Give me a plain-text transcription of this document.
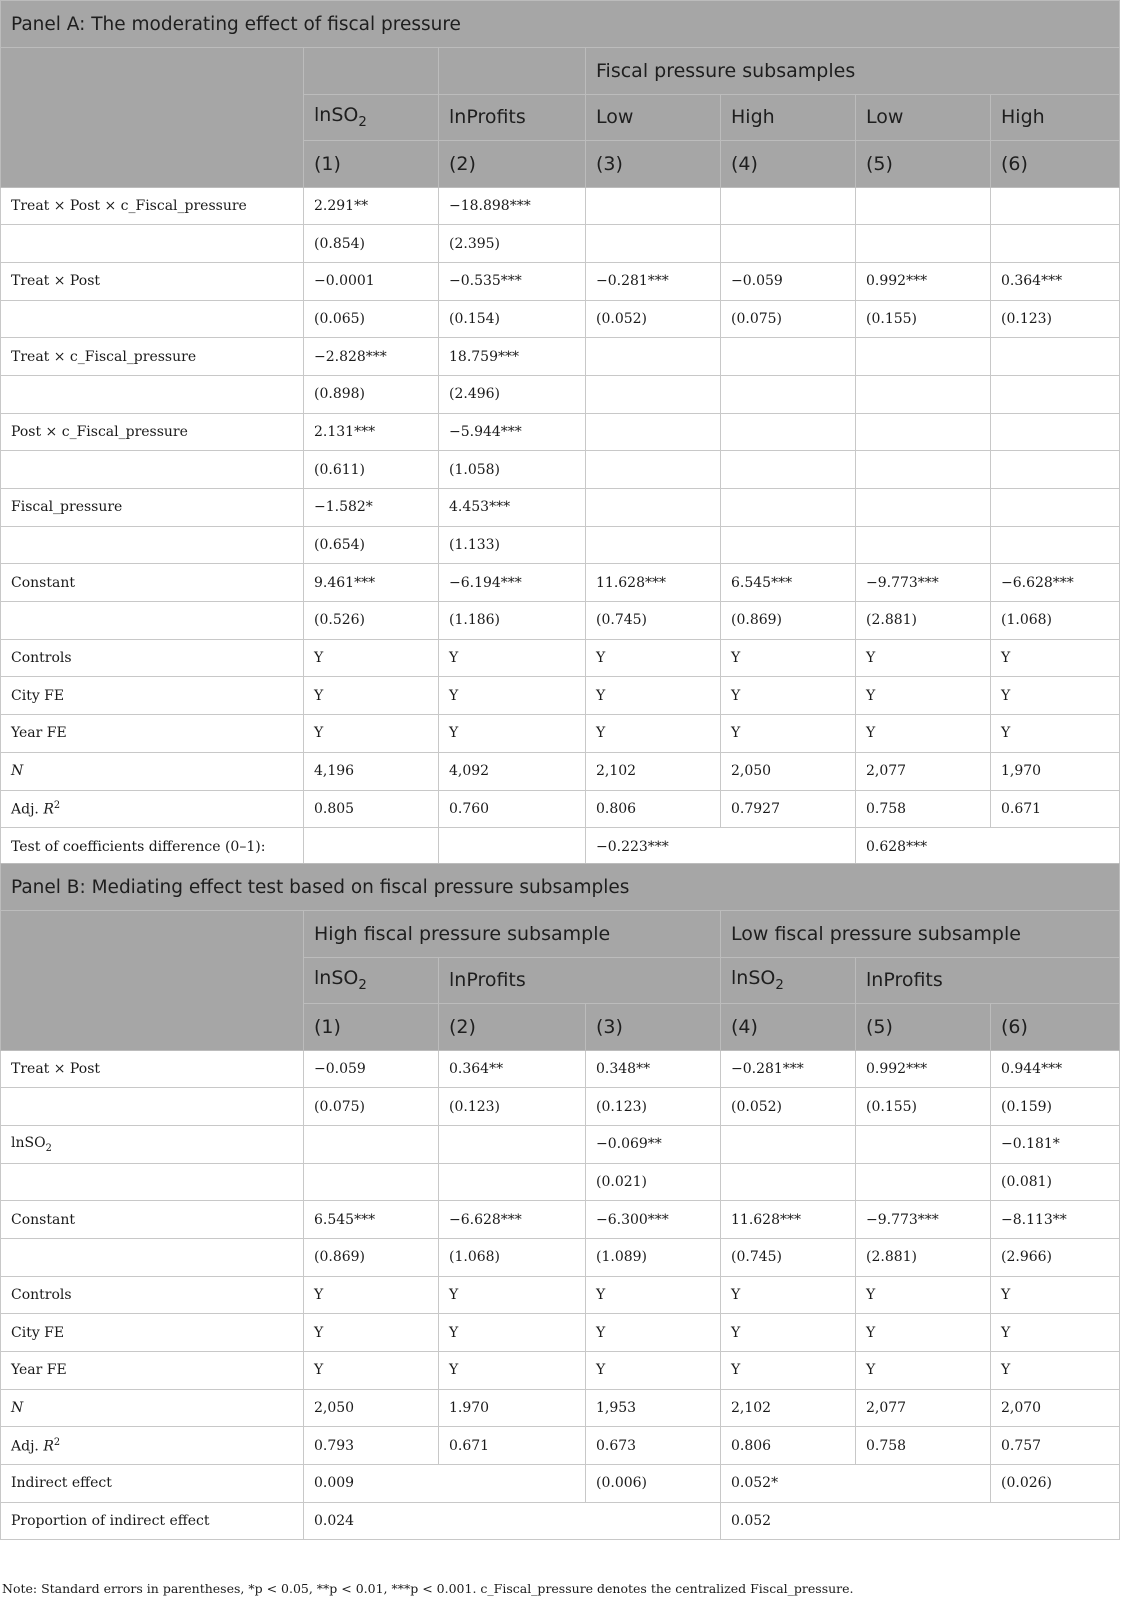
Panel A: The moderating effect of fiscal pressure						
			Fiscal pressure subsamples			
	lnSO$_2$	lnProfits	Low	High	Low	High
	(1)	(2)	(3)	(4)	(5)	(6)
Treat × Post × c_Fiscal_pressure	2.291**	−18.898***				
	(0.854)	(2.395)				
Treat × Post	−0.0001	−0.535***	−0.281***	−0.059	0.992***	0.364***
	(0.065)	(0.154)	(0.052)	(0.075)	(0.155)	(0.123)
Treat × c_Fiscal_pressure	−2.828***	18.759***				
	(0.898)	(2.496)				
Post × c_Fiscal_pressure	2.131***	−5.944***				
	(0.611)	(1.058)				
Fiscal_pressure	−1.582*	4.453***				
	(0.654)	(1.133)				
Constant	9.461***	−6.194***	11.628***	6.545***	−9.773***	−6.628***
	(0.526)	(1.186)	(0.745)	(0.869)	(2.881)	(1.068)
Controls	Y	Y	Y	Y	Y	Y
City FE	Y	Y	Y	Y	Y	Y
Year FE	Y	Y	Y	Y	Y	Y
N	4,196	4,092	2,102	2,050	2,077	1,970
Adj. $R^2$	0.805	0.760	0.806	0.7927	0.758	0.671
Test of coefficients difference (0–1):			−0.223***		0.628***	
Panel B: Mediating effect test based on fiscal pressure subsamples						
	High fiscal pressure subsample			Low fiscal pressure subsample		
	lnSO$_2$	lnProfits		lnSO$_2$	lnProfits	
	(1)	(2)	(3)	(4)	(5)	(6)
Treat × Post	−0.059	0.364**	0.348**	−0.281***	0.992***	0.944***
	(0.075)	(0.123)	(0.123)	(0.052)	(0.155)	(0.159)
lnSO$_2$			−0.069**			−0.181*
			(0.021)			(0.081)
Constant	6.545***	−6.628***	−6.300***	11.628***	−9.773***	−8.113**
	(0.869)	(1.068)	(1.089)	(0.745)	(2.881)	(2.966)
Controls	Y	Y	Y	Y	Y	Y
City FE	Y	Y	Y	Y	Y	Y
Year FE	Y	Y	Y	Y	Y	Y
N	2,050	1.970	1,953	2,102	2,077	2,070
Adj. $R^2$	0.793	0.671	0.673	0.806	0.758	0.757
Indirect effect	0.009		(0.006)	0.052*		(0.026)
Proportion of indirect effect	0.024			0.052		
Note: Standard errors in parentheses, *p < 0.05, **p < 0.01, ***p < 0.001. c_Fiscal_pressure denotes the centralized Fiscal_pressure.
